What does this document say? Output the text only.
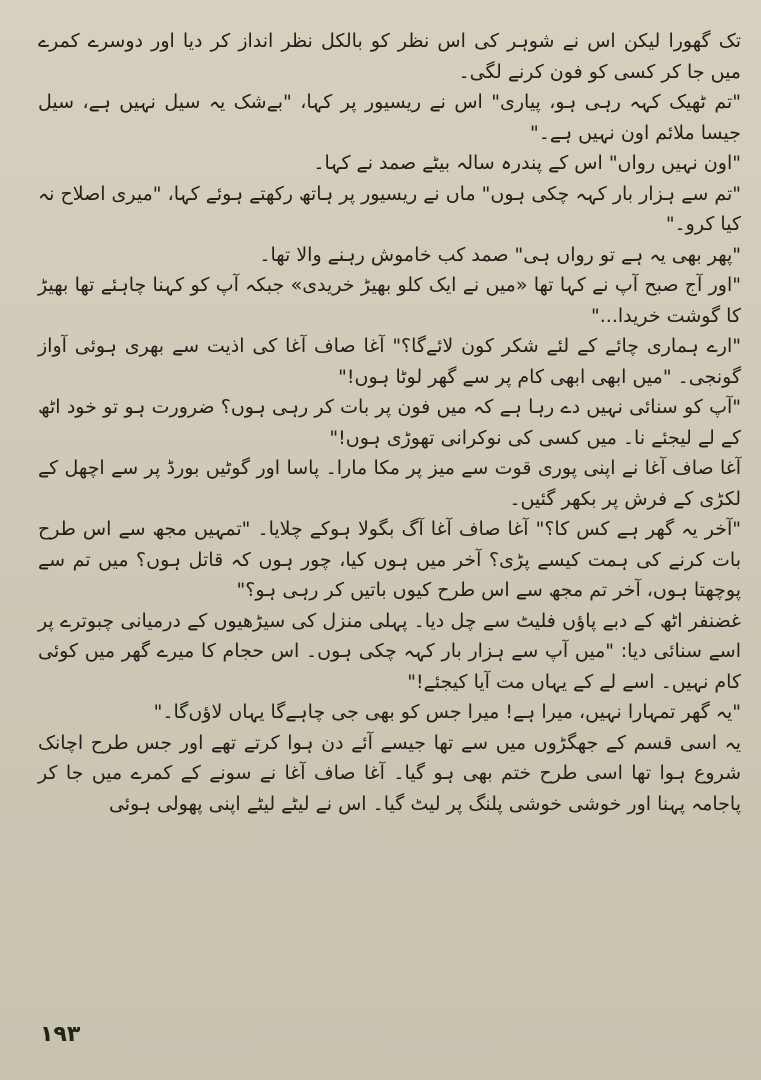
تک گھورا لیکن اس نے شوہر کی اس نظر کو بالکل نظر انداز کر دیا اور دوسرے کمرے میں جا کر کسی کو فون کرنے لگی۔

"تم ٹھیک کہہ رہی ہو، پیاری" اس نے ریسیور پر کہا، "بےشک یہ سیل نہیں ہے، سیل جیسا ملائم اون نہیں ہے۔"

"اون نہیں رواں" اس کے پندرہ سالہ بیٹے صمد نے کہا۔

"تم سے ہزار بار کہہ چکی ہوں" ماں نے ریسیور پر ہاتھ رکھتے ہوئے کہا، "میری اصلاح نہ کیا کرو۔"

"پھر بھی یہ ہے تو رواں ہی" صمد کب خاموش رہنے والا تھا۔

"اور آج صبح آپ نے کہا تھا «میں نے ایک کلو بھیڑ خریدی» جبکہ آپ کو کہنا چاہئے تھا بھیڑ کا گوشت خریدا..."

"ارے ہماری چائے کے لئے شکر کون لائےگا؟" آغا صاف آغا کی اذیت سے بھری ہوئی آواز گونجی۔ "میں ابھی ابھی کام پر سے گھر لوٹا ہوں!"

"آپ کو سنائی نہیں دے رہا ہے کہ میں فون پر بات کر رہی ہوں؟ ضرورت ہو تو خود اٹھ کے لے لیجئے نا۔ میں کسی کی نوکرانی تھوڑی ہوں!"

آغا صاف آغا نے اپنی پوری قوت سے میز پر مکا مارا۔ پاسا اور گوٹیں بورڈ پر سے اچھل کے لکڑی کے فرش پر بکھر گئیں۔

"آخر یہ گھر ہے کس کا؟" آغا صاف آغا آگ بگولا ہوکے چلایا۔ "تمہیں مجھ سے اس طرح بات کرنے کی ہمت کیسے پڑی؟ آخر میں ہوں کیا، چور ہوں کہ قاتل ہوں؟ میں تم سے پوچھتا ہوں، آخر تم مجھ سے اس طرح کیوں باتیں کر رہی ہو؟"

غضنفر اٹھ کے دبے پاؤں فلیٹ سے چل دیا۔ پہلی منزل کی سیڑھیوں کے درمیانی چبوترے پر اسے سنائی دیا: "میں آپ سے ہزار بار کہہ چکی ہوں۔ اس حجام کا میرے گھر میں کوئی کام نہیں۔ اسے لے کے یہاں مت آیا کیجئے!"

"یہ گھر تمہارا نہیں، میرا ہے! میرا جس کو بھی جی چاہےگا یہاں لاؤں‌گا۔"

یہ اسی قسم کے جھگڑوں میں سے تھا جیسے آئے دن ہوا کرتے تھے اور جس طرح اچانک شروع ہوا تھا اسی طرح ختم بھی ہو گیا۔ آغا صاف آغا نے سونے کے کمرے میں جا کر پاجامہ پہنا اور خوشی خوشی پلنگ پر لیٹ گیا۔ اس نے لیٹے لیٹے اپنی پھولی ہوئی

۱۹۳
